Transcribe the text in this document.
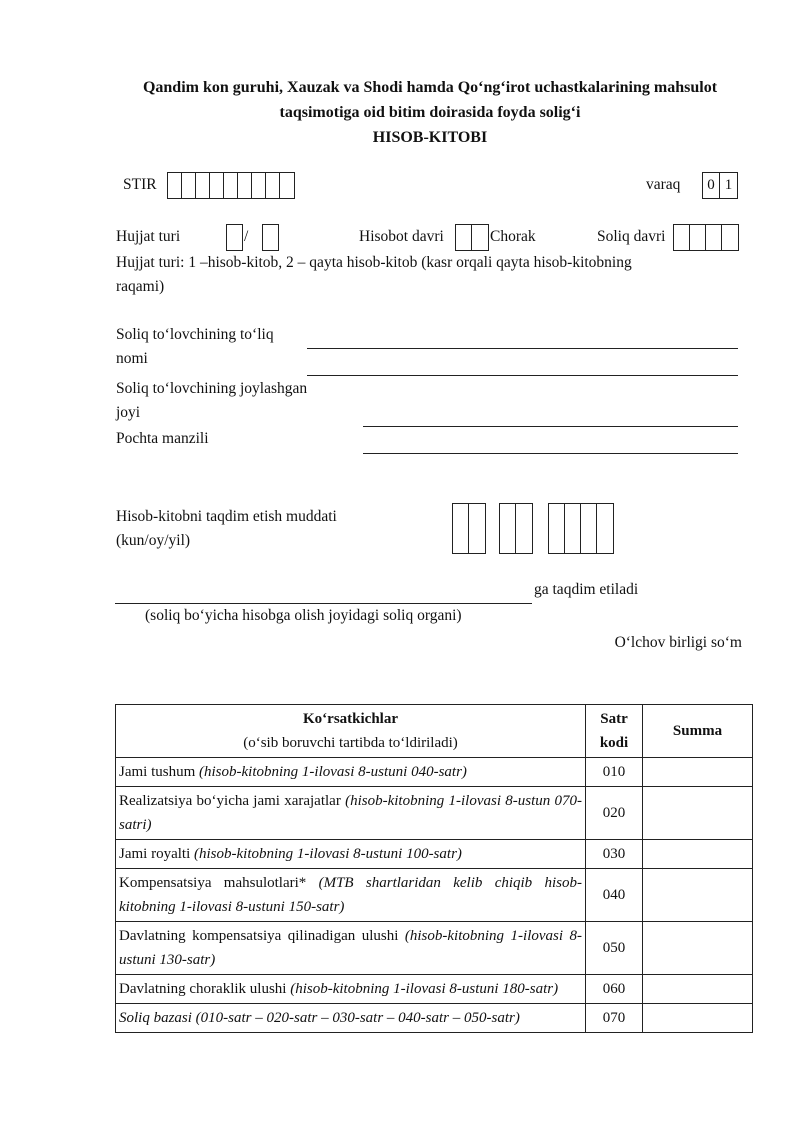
Qandim kon guruhi, Xauzak va Shodi hamda Qo‘ng‘irot uchastkalarining mahsulot
taqsimotiga oid bitim doirasida foyda solig‘i
HISOB-KITOBI
STIR	varaq 0 1
Hujjat turi	/	Hisobot davri	Chorak	Soliq davri
Hujjat turi: 1 –hisob-kitob, 2 – qayta hisob-kitob (kasr orqali qayta hisob-kitobning
raqami)
Soliq to‘lovchining to‘liq
nomi
Soliq to‘lovchining joylashgan
joyi
Pochta manzili
Hisob-kitobni taqdim etish muddati
(kun/oy/yil)
ga taqdim etiladi
(soliq bo‘yicha hisobga olish joyidagi soliq organi)
O‘lchov birligi so‘m
Ko‘rsatkichlar
(o‘sib boruvchi tartibda to‘ldiriladi)	Satr
kodi	Summa
Jami tushum (hisob-kitobning 1-ilovasi 8-ustuni 040-satr)	010	
Realizatsiya bo‘yicha jami xarajatlar (hisob-kitobning 1-ilovasi 8-ustun 070-satri)	020	
Jami royalti (hisob-kitobning 1-ilovasi 8-ustuni 100-satr)	030	
Kompensatsiya mahsulotlari* (MTB shartlaridan kelib chiqib hisob-kitobning 1-ilovasi 8-ustuni 150-satr)	040	
Davlatning kompensatsiya qilinadigan ulushi (hisob-kitobning 1-ilovasi 8-ustuni 130-satr)	050	
Davlatning choraklik ulushi (hisob-kitobning 1-ilovasi 8-ustuni 180-satr)	060	
Soliq bazasi (010-satr – 020-satr – 030-satr – 040-satr – 050-satr)	070	
